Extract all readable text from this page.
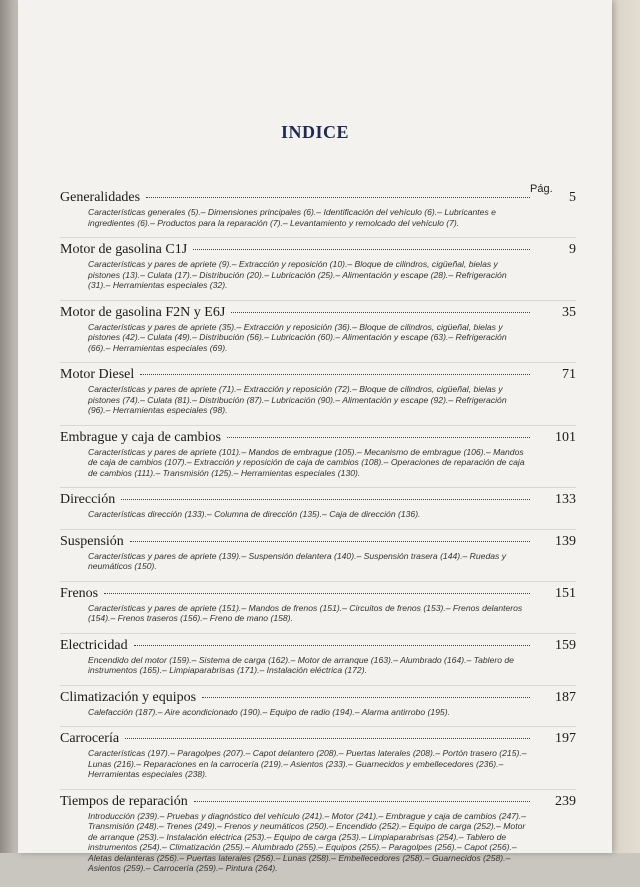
INDICE
Pág.
Generalidades	5
Características generales (5).– Dimensiones principales (6).– Identificación del vehículo (6).– Lubricantes e ingredientes (6).– Productos para la reparación (7).– Levantamiento y remolcado del vehículo (7).
Motor de gasolina C1J	9
Características y pares de apriete (9).– Extracción y reposición (10).– Bloque de cilindros, cigüeñal, bielas y pistones (13).– Culata (17).– Distribución (20).– Lubricación (25).– Alimentación y escape (28).– Refrigeración (31).– Herramientas especiales (32).
Motor de gasolina F2N y E6J	35
Características y pares de apriete (35).– Extracción y reposición (36).– Bloque de cilindros, cigüeñal, bielas y pistones (42).– Culata (49).– Distribución (56).– Lubricación (60).– Alimentación y escape (63).– Refrigeración (66).– Herramientas especiales (69).
Motor Diesel	71
Características y pares de apriete (71).– Extracción y reposición (72).– Bloque de cilindros, cigüeñal, bielas y pistones (74).– Culata (81).– Distribución (87).– Lubricación (90).– Alimentación y escape (92).– Refrigeración (96).– Herramientas especiales (98).
Embrague y caja de cambios	101
Características y pares de apriete (101).– Mandos de embrague (105).– Mecanismo de embrague (106).– Mandos de caja de cambios (107).– Extracción y reposición de caja de cambios (108).– Operaciones de reparación de caja de cambios (111).– Transmisión (125).– Herramientas especiales (130).
Dirección	133
Características dirección (133).– Columna de dirección (135).– Caja de dirección (136).
Suspensión	139
Características y pares de apriete (139).– Suspensión delantera (140).– Suspensión trasera (144).– Ruedas y neumáticos (150).
Frenos	151
Características y pares de apriete (151).– Mandos de frenos (151).– Circuitos de frenos (153).– Frenos delanteros (154).– Frenos traseros (156).– Freno de mano (158).
Electricidad	159
Encendido del motor (159).– Sistema de carga (162).– Motor de arranque (163).– Alumbrado (164).– Tablero de instrumentos (165).– Limpiaparabrisas (171).– Instalación eléctrica (172).
Climatización y equipos	187
Calefacción (187).– Aire acondicionado (190).– Equipo de radio (194).– Alarma antirrobo (195).
Carrocería	197
Características (197).– Paragolpes (207).– Capot delantero (208).– Puertas laterales (208).– Portón trasero (215).– Lunas (216).– Reparaciones en la carrocería (219).– Asientos (233).– Guarnecidos y embellecedores (236).– Herramientas especiales (238).
Tiempos de reparación	239
Introducción (239).– Pruebas y diagnóstico del vehículo (241).– Motor (241).– Embrague y caja de cambios (247).– Transmisión (248).– Trenes (249).– Frenos y neumáticos (250).– Encendido (252).– Equipo de carga (252).– Motor de arranque (253).– Instalación eléctrica (253).– Equipo de carga (253).– Limpiaparabrisas (254).– Tablero de instrumentos (254).– Climatización (255).– Alumbrado (255).– Equipos (255).– Paragolpes (256).– Capot (256).– Aletas delanteras (256).– Puertas laterales (256).– Lunas (258).– Embellecedores (258).– Guarnecidos (258).– Asientos (259).– Carrocería (259).– Pintura (264).
